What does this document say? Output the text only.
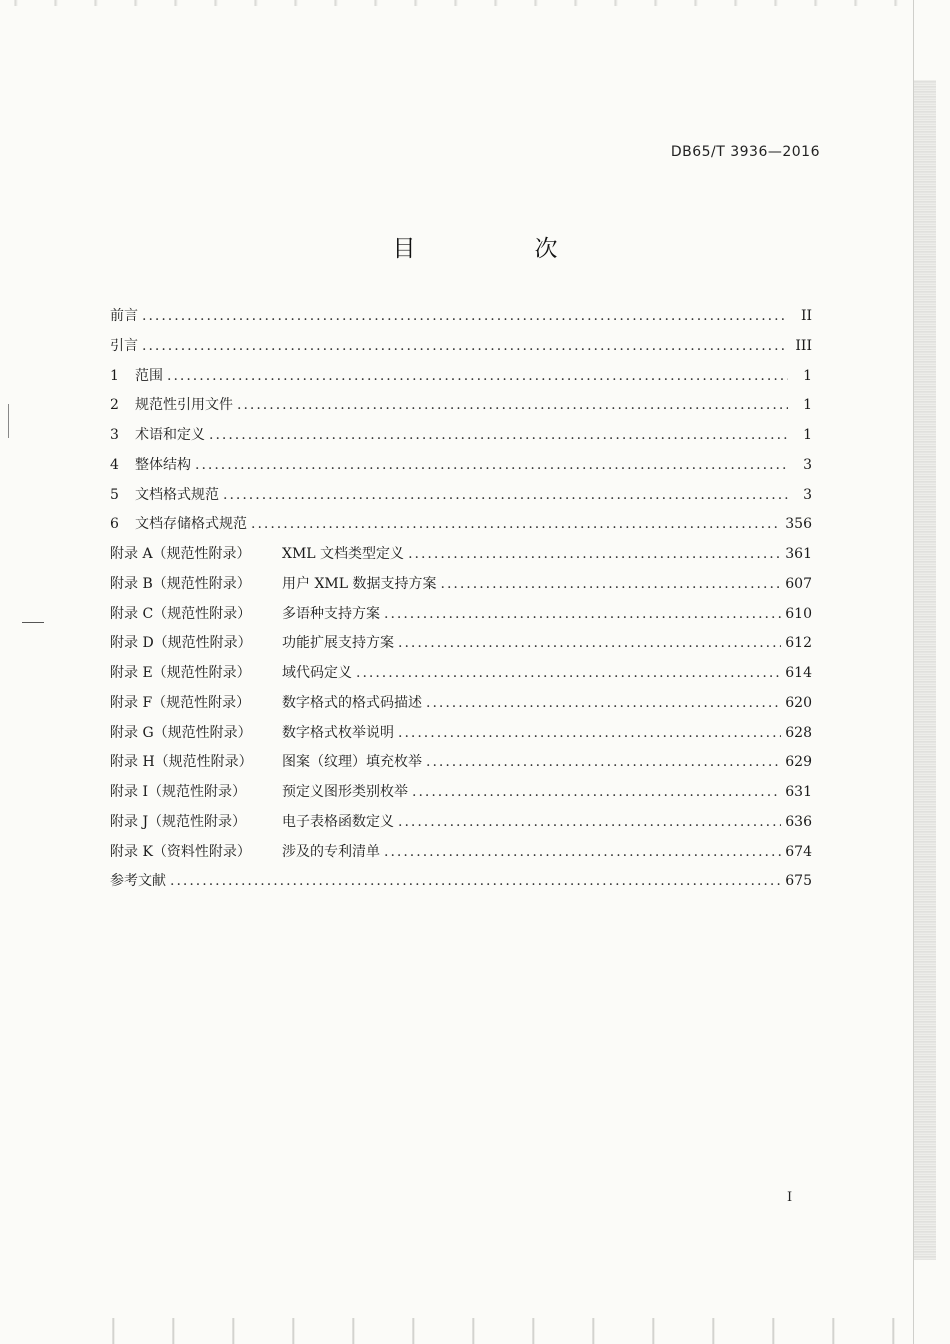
DB65/T 3936—2016
目　次
前言 .....	II
引言 .....	III
1	范围 .....	1
2	规范性引用文件 .....	1
3	术语和定义 .....	1
4	整体结构 .....	3
5	文档格式规范 .....	3
6	文档存储格式规范 .....	356
附录 A（规范性附录）	XML 文档类型定义 .....	361
附录 B（规范性附录）	用户 XML 数据支持方案 .....	607
附录 C（规范性附录）	多语种支持方案 .....	610
附录 D（规范性附录）	功能扩展支持方案 .....	612
附录 E（规范性附录）	域代码定义 .....	614
附录 F（规范性附录）	数字格式的格式码描述 .....	620
附录 G（规范性附录）	数字格式枚举说明 .....	628
附录 H（规范性附录）	图案（纹理）填充枚举 .....	629
附录 I（规范性附录）	预定义图形类别枚举 .....	631
附录 J（规范性附录）	电子表格函数定义 .....	636
附录 K（资料性附录）	涉及的专利清单 .....	674
参考文献 .....	675
I
